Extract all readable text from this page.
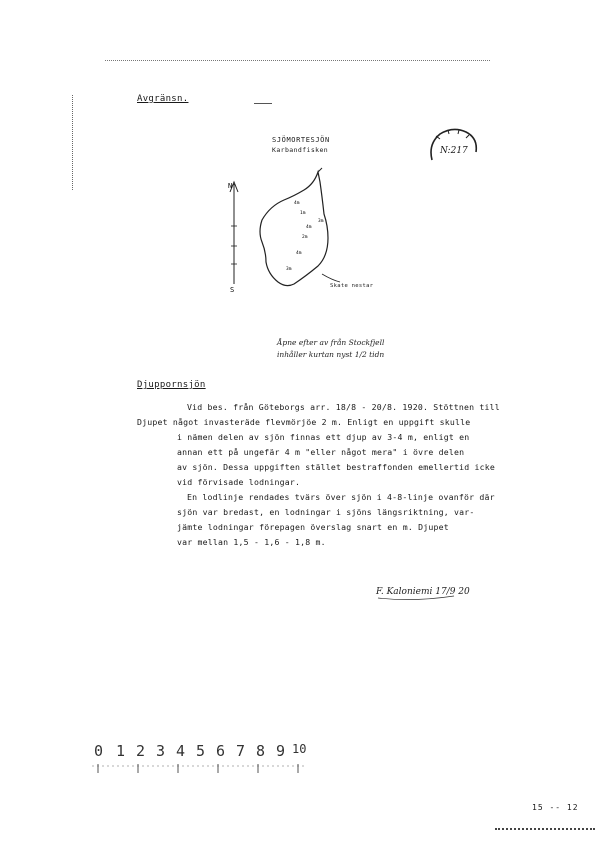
Avgränsn.
SJÖMORTESJÖN
Karbandfisken	N:217
N
S
4m
1m
3m
4m
2m
4m
3m
Skate nestar
Åpne efter av från Stockfjell
inhåller kurtan nyst 1/2 tidn
Djuppornsjön
Vid bes. från Göteborgs arr. 18/8 - 20/8. 1920. Stöttnen till
Djupet något invasteräde flevmörjöe 2 m. Enligt en uppgift skulle
i nämen delen av sjön finnas ett djup av 3-4 m, enligt en
annan ett på ungefär 4 m "eller något mera" i övre delen
av sjön. Dessa uppgiften stället bestraffonden emellertid icke
vid förvisade lodningar.
En lodlinje rendades tvärs över sjön i 4-8-linje ovanför där
sjön var bredast, en lodningar i sjöns längsriktning, var-
jämte lodningar förepagen överslag snart en m. Djupet
var mellan 1,5 - 1,6 - 1,8 m.
F. Kaloniemi 17/9 20
0 1 2 3 4 5 6 7 8 9 10
15 -- 12
